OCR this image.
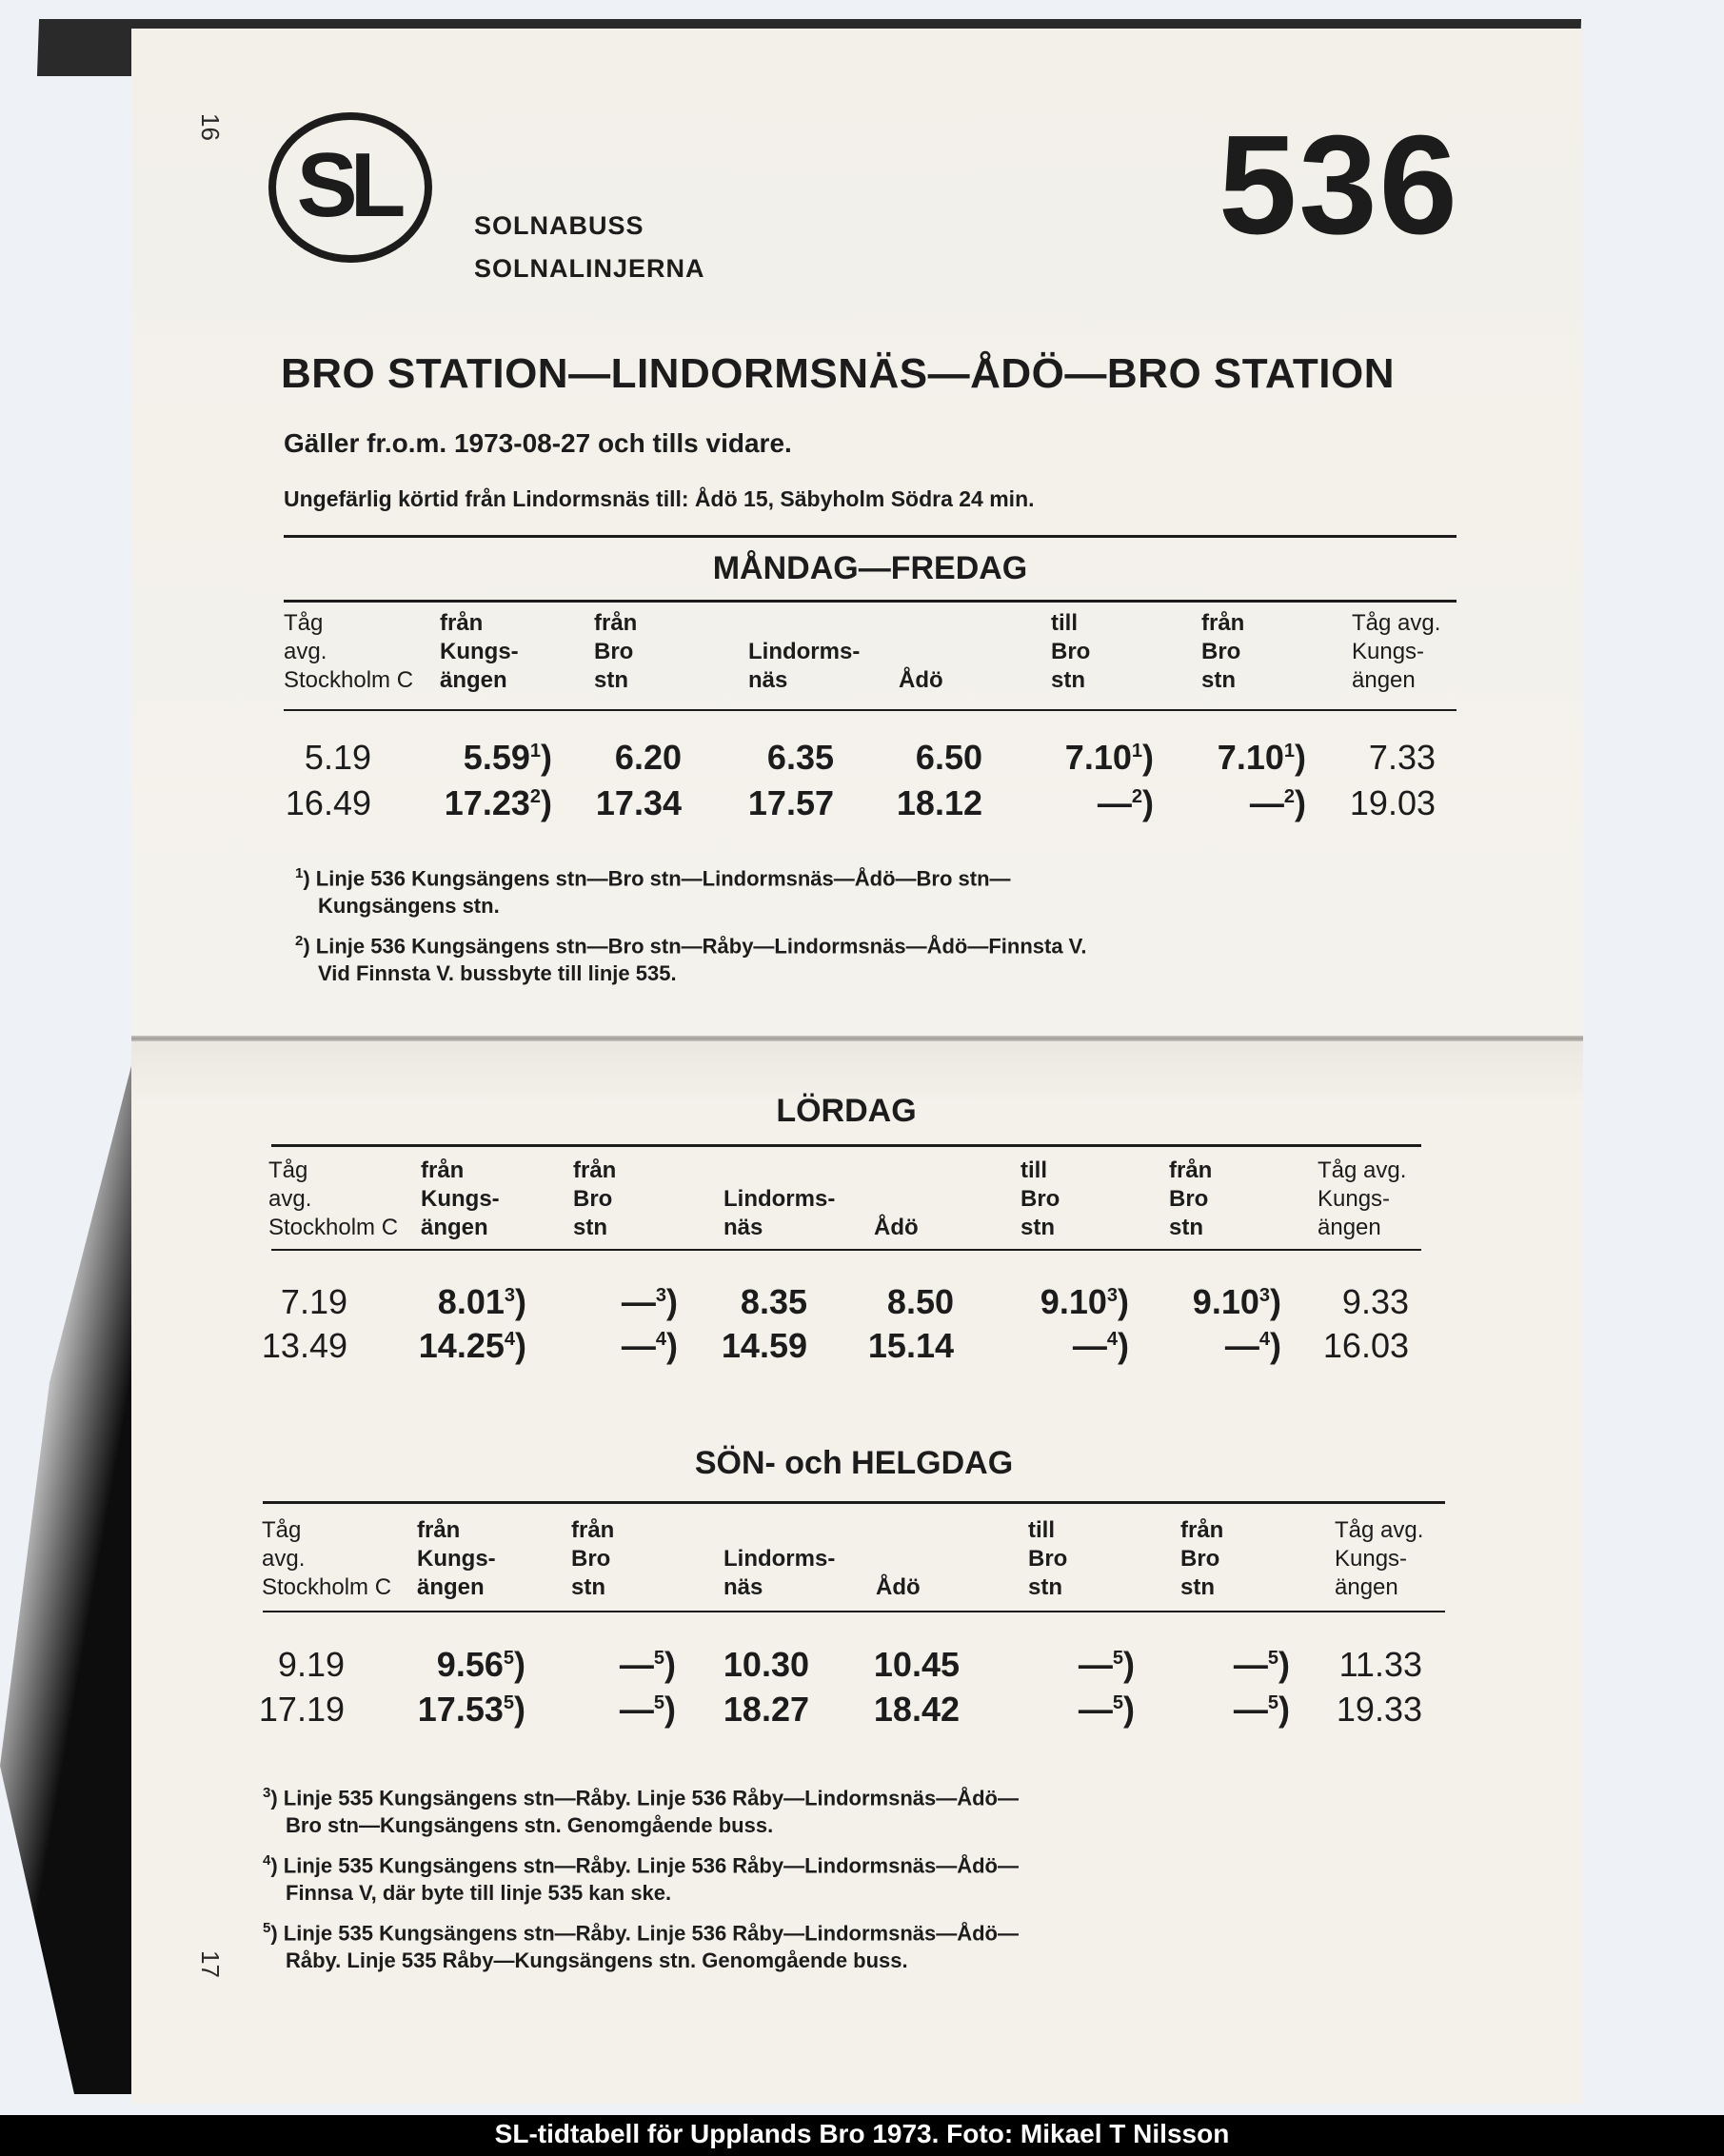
16
17
SL	SOLNABUSS
SOLNALINJERNA
536
BRO STATION—LINDORMSNÄS—ÅDÖ—BRO STATION
Gäller fr.o.m. 1973-08-27 och tills vidare.
Ungefärlig körtid från Lindormsnäs till: Ådö 15, Säbyholm Södra 24 min.
MÅNDAG—FREDAG
Tåg
avg.
Stockholm C
från
Kungs-
ängen
från
Bro
stn
Lindorms-
näs	Ådö
till
Bro
stn
från
Bro
stn
Tåg avg.
Kungs-
ängen
5.19	5.59$^1$) 6.20 6.35 6.50 7.10$^1$) 7.10$^1$) 7.33
16.49 17.23$^2$) 17.34 17.57 18.12	—$^2$)	—$^2$) 19.03
$^1$) Linje 536 Kungsängens stn—Bro stn—Lindormsnäs—Ådö—Bro stn—
Kungsängens stn.
$^2$) Linje 536 Kungsängens stn—Bro stn—Råby—Lindormsnäs—Ådö—Finnsta V.
Vid Finnsta V. bussbyte till linje 535.
LÖRDAG
Tåg
avg.
Stockholm C
från
Kungs-
ängen
från
Bro
stn
Lindorms-
näs	Ådö
till
Bro
stn
från
Bro
stn
Tåg avg.
Kungs-
ängen
7.19	8.01$^3$)	—$^3$) 8.35 8.50	9.10$^3$) 9.10$^3$) 9.33
13.49 14.25$^4$)	—$^4$) 14.59 15.14	—$^4$)	—$^4$) 16.03
SÖN- och HELGDAG
Tåg
avg.
Stockholm C
från
Kungs-
ängen
från
Bro
stn
Lindorms-
näs	Ådö
till
Bro
stn
från
Bro
stn
Tåg avg.
Kungs-
ängen
9.19	9.56$^5$)	—$^5$) 10.30 10.45	—$^5$)	—$^5$) 11.33
17.19 17.53$^5$)	—$^5$) 18.27 18.42	—$^5$)	—$^5$) 19.33
$^3$) Linje 535 Kungsängens stn—Råby. Linje 536 Råby—Lindormsnäs—Ådö—
Bro stn—Kungsängens stn. Genomgående buss.
$^4$) Linje 535 Kungsängens stn—Råby. Linje 536 Råby—Lindormsnäs—Ådö—
Finnsa V, där byte till linje 535 kan ske.
$^5$) Linje 535 Kungsängens stn—Råby. Linje 536 Råby—Lindormsnäs—Ådö—
Råby. Linje 535 Råby—Kungsängens stn. Genomgående buss.
SL-tidtabell för Upplands Bro 1973. Foto: Mikael T Nilsson
